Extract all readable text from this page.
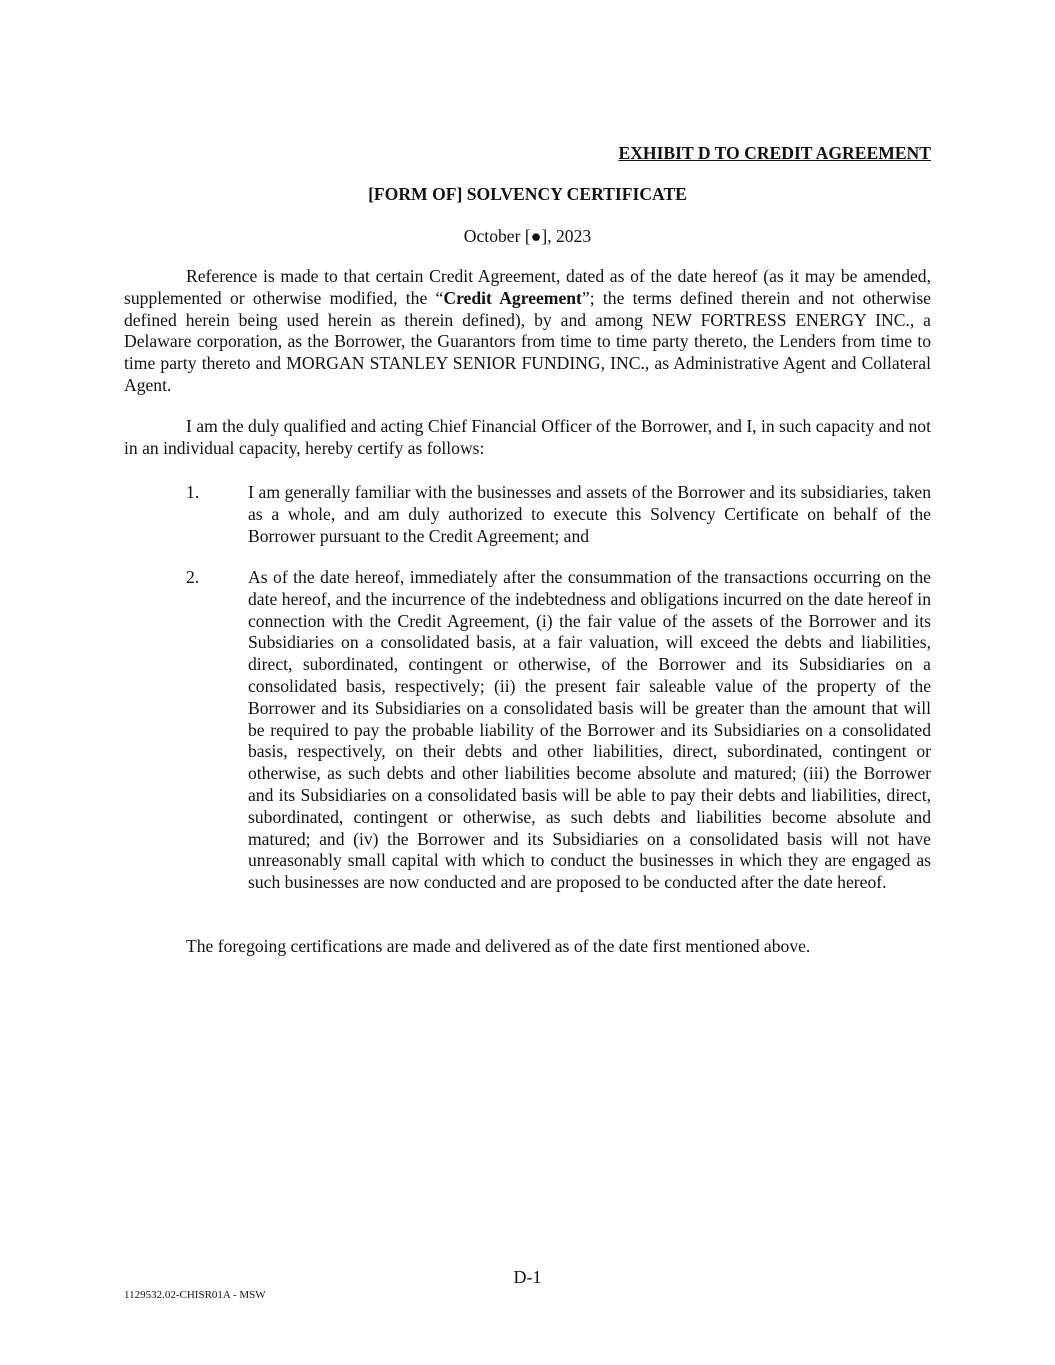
EXHIBIT D TO CREDIT AGREEMENT
[FORM OF] SOLVENCY CERTIFICATE
October [●], 2023

Reference is made to that certain Credit Agreement, dated as of the date hereof (as it may be amended, supplemented or otherwise modified, the “Credit Agreement”; the terms defined therein and not otherwise defined herein being used herein as therein defined), by and among NEW FORTRESS ENERGY INC., a Delaware corporation, as the Borrower, the Guarantors from time to time party thereto, the Lenders from time to time party thereto and MORGAN STANLEY SENIOR FUNDING, INC., as Administrative Agent and Collateral Agent.

I am the duly qualified and acting Chief Financial Officer of the Borrower, and I, in such capacity and not in an individual capacity, hereby certify as follows:

1.	I am generally familiar with the businesses and assets of the Borrower and its subsidiaries, taken as a whole, and am duly authorized to execute this Solvency Certificate on behalf of the Borrower pursuant to the Credit Agreement; and

2.	As of the date hereof, immediately after the consummation of the transactions occurring on the date hereof, and the incurrence of the indebtedness and obligations incurred on the date hereof in connection with the Credit Agreement, (i) the fair value of the assets of the Borrower and its Subsidiaries on a consolidated basis, at a fair valuation, will exceed the debts and liabilities, direct, subordinated, contingent or otherwise, of the Borrower and its Subsidiaries on a consolidated basis, respectively; (ii) the present fair saleable value of the property of the Borrower and its Subsidiaries on a consolidated basis will be greater than the amount that will be required to pay the probable liability of the Borrower and its Subsidiaries on a consolidated basis, respectively, on their debts and other liabilities, direct, subordinated, contingent or otherwise, as such debts and other liabilities become absolute and matured; (iii) the Borrower and its Subsidiaries on a consolidated basis will be able to pay their debts and liabilities, direct, subordinated, contingent or otherwise, as such debts and liabilities become absolute and matured; and (iv) the Borrower and its Subsidiaries on a consolidated basis will not have unreasonably small capital with which to conduct the businesses in which they are engaged as such businesses are now conducted and are proposed to be conducted after the date hereof.

The foregoing certifications are made and delivered as of the date first mentioned above.

D-1
1129532.02-CHISR01A - MSW
